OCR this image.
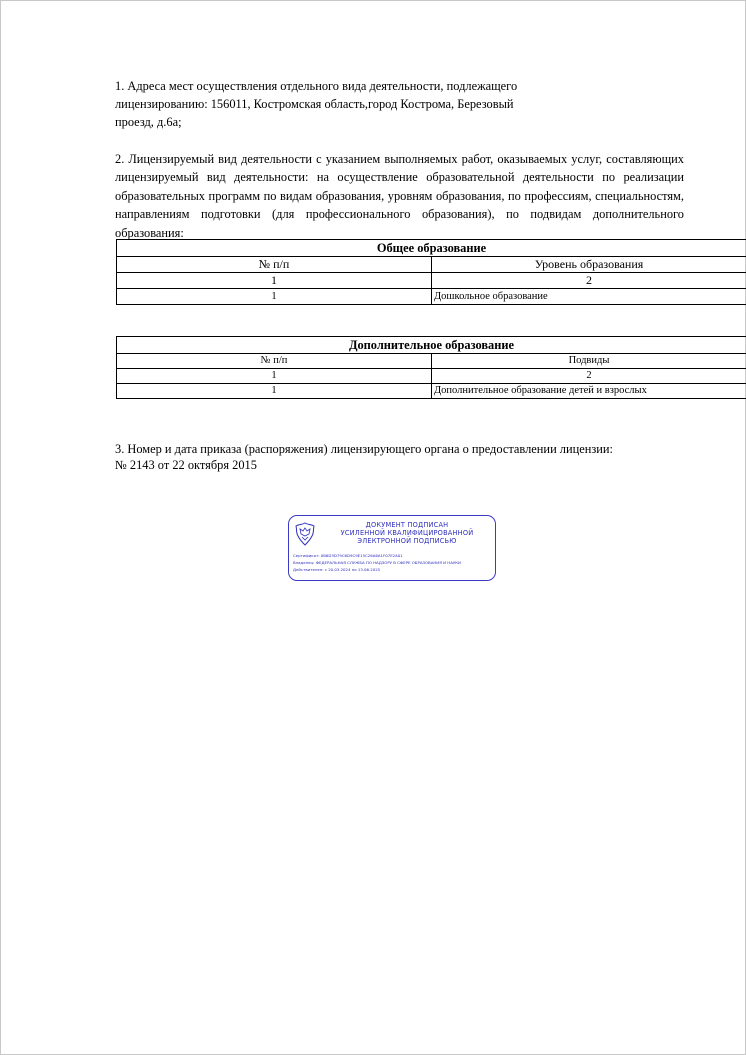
1. Адреса мест осуществления отдельного вида деятельности, подлежащего
лицензированию: 156011, Костромская область,город Кострома, Березовый
проезд, д.6а;
2. Лицензируемый вид деятельности с указанием выполняемых работ, оказываемых услуг, составляющих лицензируемый вид деятельности: на осуществление образовательной деятельности по реализации образовательных программ по видам образования, уровням образования, по профессиям, специальностям, направлениям подготовки (для профессионального образования), по подвидам дополнительного образования:
Общее образование	
№ п/п	Уровень образования
1	2
1	Дошкольное образование
Дополнительное образование	
№ п/п	Подвиды
1	2
1	Дополнительное образование детей и взрослых
3. Номер и дата приказа (распоряжения) лицензирующего органа о предоставлении лицензии:
№ 2143 от 22 октября 2015
ДОКУМЕНТ ПОДПИСАН
УСИЛЕННОЙ КВАЛИФИЦИРОВАННОЙ
ЭЛЕКТРОННОЙ ПОДПИСЬЮ
Сертификат: 0B6D3D79C6D9C9E15C26A6A1F07E2A01
Владелец: ФЕДЕРАЛЬНАЯ СЛУЖБА ПО НАДЗОРУ В СФЕРЕ ОБРАЗОВАНИЯ И НАУКИ
Действителен: с 20.03.2024 по 13.06.2025
